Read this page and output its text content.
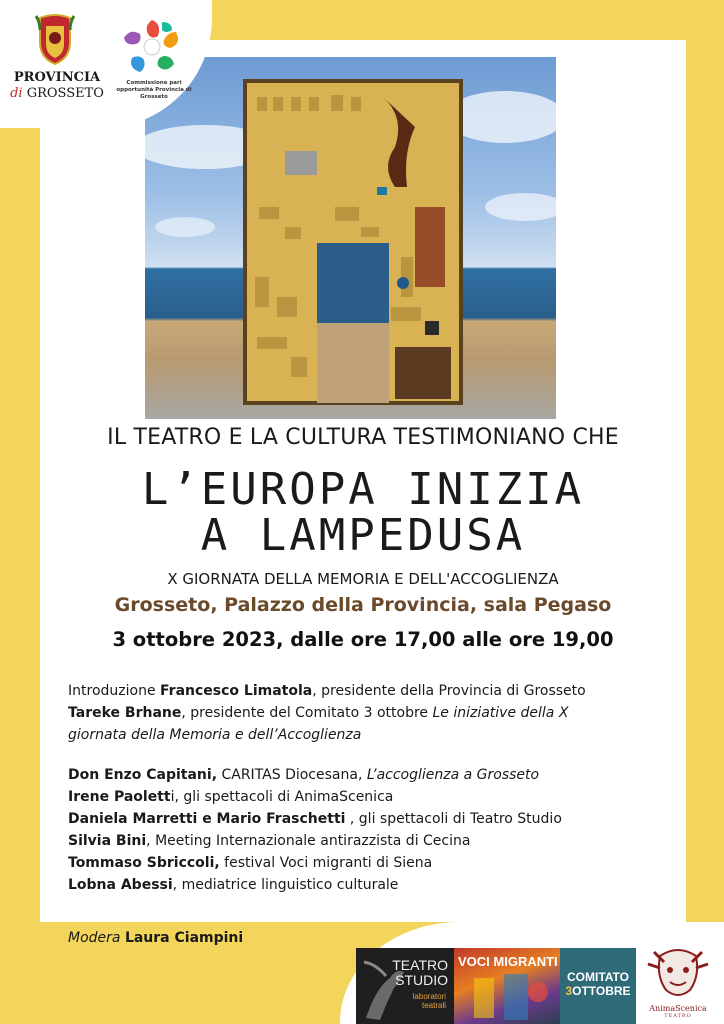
PROVINCIA
di GROSSETO
Commissione pari opportunità Provincia di Grosseto
IL TEATRO E LA CULTURA TESTIMONIANO CHE
L’EUROPA INIZIA
A LAMPEDUSA
X GIORNATA DELLA MEMORIA E DELL'ACCOGLIENZA
Grosseto, Palazzo della Provincia, sala Pegaso
3 ottobre 2023, dalle ore 17,00 alle ore 19,00

Introduzione Francesco Limatola, presidente della Provincia di Grosseto

Tareke Brhane, presidente del Comitato 3 ottobre Le iniziative della X

giornata della Memoria e dell’Accoglienza

Don Enzo Capitani, CARITAS Diocesana, L’accoglienza a Grosseto

Irene Paoletti, gli spettacoli di AnimaScenica

Daniela Marretti e Mario Fraschetti , gli spettacoli di Teatro Studio

Silvia Bini, Meeting Internazionale antirazzista di Cecina

Tommaso Sbriccoli, festival Voci migranti di Siena

Lobna Abessi, mediatrice linguistico culturale

Modera Laura Ciampini
TEATRO
STUDIO
laboratori
teatrali
VOCI MIGRANTI
COMITATO
3OTTOBRE
AnimaScenica
TEATRO
